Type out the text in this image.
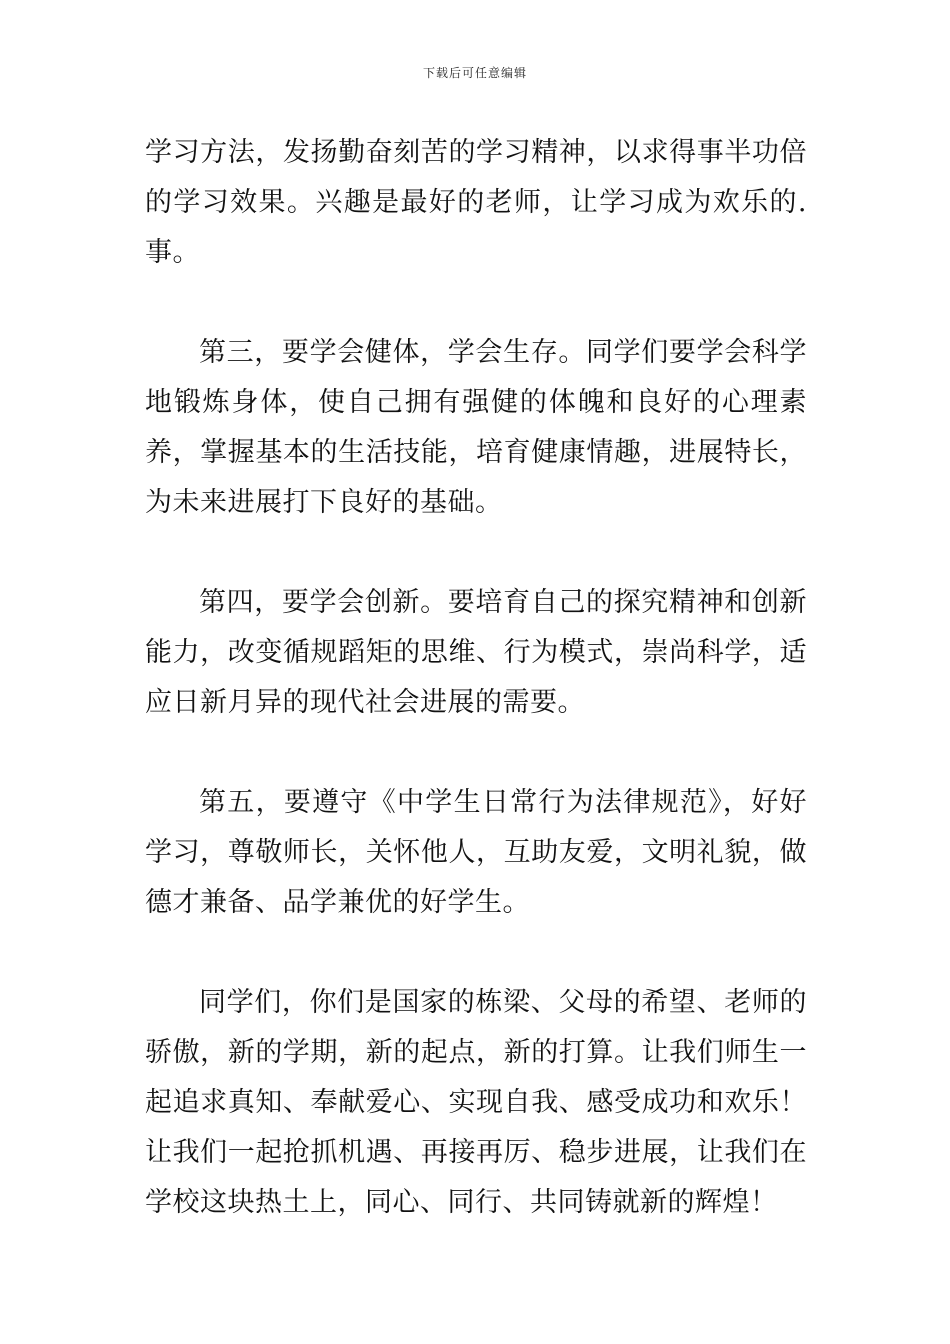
下载后可任意编辑

学习方法，发扬勤奋刻苦的学习精神，以求得事半功倍的学习效果。兴趣是最好的老师，让学习成为欢乐的.事。

第三，要学会健体，学会生存。同学们要学会科学地锻炼身体，使自己拥有强健的体魄和良好的心理素养，掌握基本的生活技能，培育健康情趣，进展特长，为未来进展打下良好的基础。

第四，要学会创新。要培育自己的探究精神和创新能力，改变循规蹈矩的思维、行为模式，崇尚科学，适应日新月异的现代社会进展的需要。

第五，要遵守《中学生日常行为法律规范》，好好学习，尊敬师长，关怀他人，互助友爱，文明礼貌，做德才兼备、品学兼优的好学生。

同学们，你们是国家的栋梁、父母的希望、老师的骄傲，新的学期，新的起点，新的打算。让我们师生一起追求真知、奉献爱心、实现自我、感受成功和欢乐！让我们一起抢抓机遇、再接再厉、稳步进展，让我们在学校这块热土上，同心、同行、共同铸就新的辉煌！
